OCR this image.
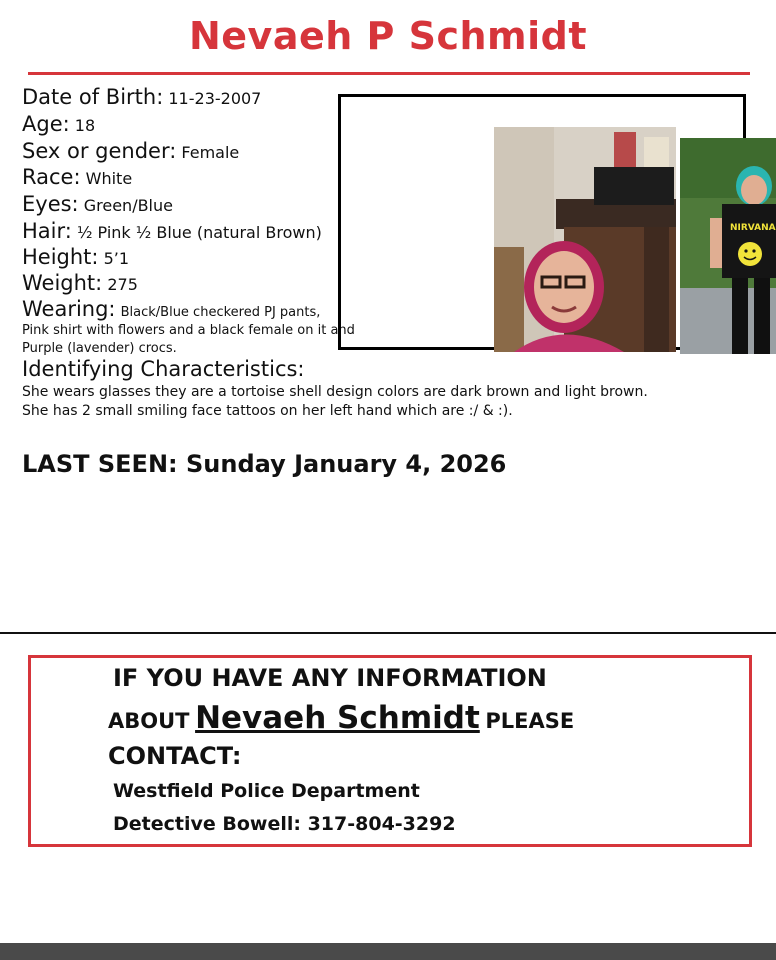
Nevaeh P Schmidt
Date of Birth: 11-23-2007
Age: 18
Sex or gender: Female
Race: White
Eyes: Green/Blue
Hair: ½ Pink ½ Blue (natural Brown)
Height: 5’1
Weight: 275
Wearing: Black/Blue checkered PJ pants,
Pink shirt with flowers and a black female on it and
Purple (lavender) crocs.
Identifying Characteristics:
She wears glasses they are a tortoise shell design colors are dark brown and light brown.
She has 2 small smiling face tattoos on her left hand which are :/ & :).
NIRVANA
LAST SEEN: Sunday January 4, 2026
IF YOU HAVE ANY INFORMATION
ABOUT Nevaeh Schmidt PLEASE
CONTACT:
Westfield Police Department
Detective Bowell: 317-804-3292
